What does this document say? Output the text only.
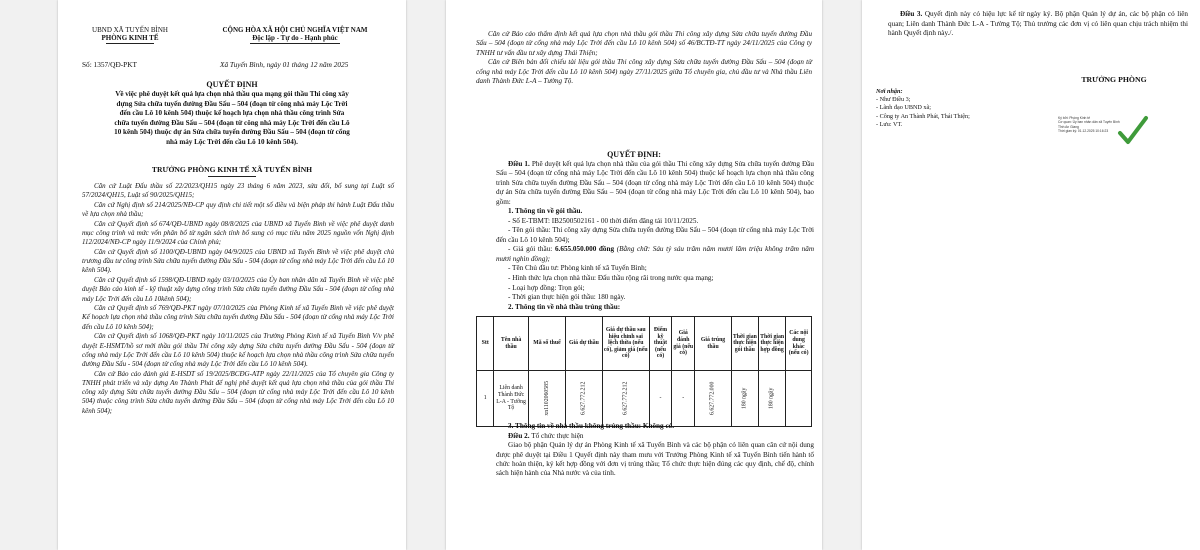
UBND XÃ TUYẾN BÌNH
PHÒNG KINH TẾ
CỘNG HÒA XÃ HỘI CHỦ NGHĨA VIỆT NAM
Độc lập - Tự do - Hạnh phúc
Số: 1357/QĐ-PKT	Xã Tuyến Bình, ngày 01 tháng 12 năm 2025
QUYẾT ĐỊNH
Về việc phê duyệt kết quả lựa chọn nhà thầu qua mạng gói thầu Thi công xây
dựng Sửa chữa tuyến đường Đầu Sấu – 504 (đoạn từ công nhà máy Lộc Trời
đến cầu Lô 10 kênh 504) thuộc kế hoạch lựa chọn nhà thầu công trình Sửa
chữa tuyến đường Đầu Sấu – 504 (đoạn từ công nhà máy Lộc Trời đến cầu Lô
10 kênh 504) thuộc dự án Sửa chữa tuyến đường Đầu Sấu – 504 (đoạn từ cổng
nhà máy Lộc Trời đến cầu Lô 10 kênh 504).
TRƯỞNG PHÒNG KINH TẾ XÃ TUYẾN BÌNH

Căn cứ Luật Đấu thầu số 22/2023/QH15 ngày 23 tháng 6 năm 2023, sửa đổi, bổ sung tại Luật số 57/2024/QH15, Luật số 90/2025/QH15;

Căn cứ Nghị định số 214/2025/NĐ-CP quy định chi tiết một số điều và biện pháp thi hành Luật Đấu thầu về lựa chọn nhà thầu;

Căn cứ Quyết định số 674/QĐ-UBND ngày 08/8/2025 của UBND xã Tuyến Bình về việc phê duyệt danh mục công trình và mức vốn phân bổ từ ngân sách tỉnh bổ sung có mục tiêu năm 2025 nguồn vốn Nghị định 112/2024/NĐ-CP ngày 11/9/2024 của Chính phủ;

Căn cứ Quyết định số 1100/QĐ-UBND ngày 04/9/2025 của UBND xã Tuyến Bình về việc phê duyệt chủ trương đầu tư công trình Sửa chữa tuyến đường Đầu Sấu - 504 (đoạn từ cổng nhà máy Lộc Trời đến cầu Lô 10 kênh 504).

Căn cứ Quyết định số 1598/QĐ-UBND ngày 03/10/2025 của Ủy ban nhân dân xã Tuyến Bình về việc phê duyệt Báo cáo kinh tế - kỹ thuật xây dựng công trình Sửa chữa tuyến đường Đầu Sấu - 504 (đoạn từ cổng nhà máy Lộc Trời đến cầu Lô 10kênh 504);

Căn cứ Quyết định số 769/QĐ-PKT ngày 07/10/2025 của Phòng Kinh tế xã Tuyến Bình về việc phê duyệt Kế hoạch lựa chọn nhà thầu công trình Sửa chữa tuyến đường Đầu Sấu - 504 (đoạn từ cổng nhà máy Lộc Trời đến cầu Lô 10 kênh 504);

Căn cứ Quyết định số 1068/QĐ-PKT ngày 10/11/2025 của Trưởng Phòng Kinh tế xã Tuyến Bình V/v phê duyệt E-HSMT/hồ sơ mời thầu gói thầu Thi công xây dựng Sửa chữa tuyến đường Đầu Sấu - 504 (đoạn từ cổng nhà máy Lộc Trời đến cầu Lô 10 kênh 504) thuộc kế hoạch lựa chọn nhà thầu công trình Sửa chữa tuyến đường Đầu Sấu - 504 (đoạn từ cổng nhà máy Lộc Trời đến cầu Lô 10 kênh 504).

Căn cứ Báo cáo đánh giá E-HSDT số 19/2025/BCĐG-ATP ngày 22/11/2025 của Tổ chuyên gia Công ty TNHH phát triển và xây dựng An Thành Phát để nghị phê duyệt kết quả lựa chọn nhà thầu của gói thầu Thi công xây dựng Sửa chữa tuyến đường Đầu Sấu – 504 (đoạn từ cổng nhà máy Lộc Trời đến cầu Lô 10 kênh 504) thuộc công trình Sửa chữa tuyến đường Đầu Sấu – 504 (đoạn từ cổng nhà máy Lộc Trời đến cầu Lô 10 kênh 504);

Căn cứ Báo cáo thẩm định kết quả lựa chọn nhà thầu gói thầu Thi công xây dựng Sửa chữa tuyến đường Đầu Sấu – 504 (đoạn từ cổng nhà máy Lộc Trời đến cầu Lô 10 kênh 504) số 46/BCTĐ-TT ngày 24/11/2025 của Công ty TNHH tư vấn đầu tư xây dựng Thái Thiện;

Căn cứ Biên bản đối chiếu tài liệu gói thầu Thi công xây dựng Sửa chữa tuyến đường Đầu Sấu – 504 (đoạn từ cổng nhà máy Lộc Trời đến cầu Lô 10 kênh 504) ngày 27/11/2025 giữa Tổ chuyên gia, chủ đầu tư và Nhà thầu Liên danh Thành Đức L-A – Tường Tộ.

QUYẾT ĐỊNH:

Điều 1. Phê duyệt kết quả lựa chọn nhà thầu của gói thầu Thi công xây dựng Sửa chữa tuyến đường Đầu Sấu – 504 (đoạn từ cổng nhà máy Lộc Trời đến cầu Lô 10 kênh 504) thuộc kế hoạch lựa chọn nhà thầu công trình Sửa chữa tuyến đường Đầu Sấu – 504 (đoạn từ cổng nhà máy Lộc Trời đến cầu Lô 10 kênh 504) thuộc dự án Sửa chữa tuyến đường Đầu Sấu – 504 (đoạn từ cổng nhà máy Lộc Trời đến cầu Lô 10 kênh 504), bao gồm:

1. Thông tin về gói thầu.

- Số E-TBMT: IB2500502161 - 00 thời điểm đăng tải 10/11/2025.

- Tên gói thầu: Thi công xây dựng Sửa chữa tuyến đường Đầu Sấu – 504 (đoạn từ cổng nhà máy Lộc Trời đến cầu Lô 10 kênh 504);

- Giá gói thầu: 6.655.050.000 đồng (Bằng chữ: Sáu tỷ sáu trăm năm mươi lăm triệu không trăm năm mươi nghìn đồng);

- Tên Chủ đầu tư: Phòng kinh tế xã Tuyến Bình;

- Hình thức lựa chọn nhà thầu: Đấu thầu rộng rãi trong nước qua mạng;

- Loại hợp đồng: Trọn gói;

- Thời gian thực hiện gói thầu: 180 ngày.

2. Thông tin về nhà thầu trúng thầu:

Stt	Tên nhà thầu	Mã số thuế	Giá dự thầu	Giá dự thầu sau hiệu chỉnh sai lệch thừa (nếu có), giảm giá (nếu có)	Điểm kỹ thuật (nếu có)	Giá đánh giá (nếu có)	Giá trúng thầu	Thời gian thực hiện gói thầu	Thời gian thực hiện hợp đồng	Các nội dung khác (nếu có)
1	Liên danh Thành Đức L-A - Tường Tộ	xn1102060585	6.627.772.212	6.627.772.212	-	-	6.627.772.000	180 ngày	180 ngày	

3. Thông tin về nhà thầu không trúng thầu: Không có.

Điều 2. Tổ chức thực hiện

Giao bộ phận Quản lý dự án Phòng Kinh tế xã Tuyến Bình và các bộ phận có liên quan căn cứ nội dung được phê duyệt tại Điều 1 Quyết định này tham mưu với Trưởng Phòng Kinh tế xã Tuyến Bình tiến hành tổ chức hoàn thiện, ký kết hợp đồng với đơn vị trúng thầu; Tổ chức thực hiện đúng các quy định, chế độ, chính sách hiện hành của Nhà nước và của tỉnh.

Điều 3. Quyết định này có hiệu lực kể từ ngày ký. Bộ phận Quản lý dự án, các bộ phận có liên quan; Liên danh Thành Đức L-A - Tường Tộ; Thủ trưởng các đơn vị có liên quan chịu trách nhiệm thi hành Quyết định này./.

TRƯỞNG PHÒNG
Nơi nhận:
- Như Điều 3;
- Lãnh đạo UBND xã;
- Công ty An Thành Phát, Thái Thiện;
- Lưu: VT.
Ký bởi: Phòng Kinh tế
Cơ quan: Ủy ban nhân dân xã Tuyến Bình
Tỉnh An Giang
Thời gian ký: 01.12.2025 10:16:23
